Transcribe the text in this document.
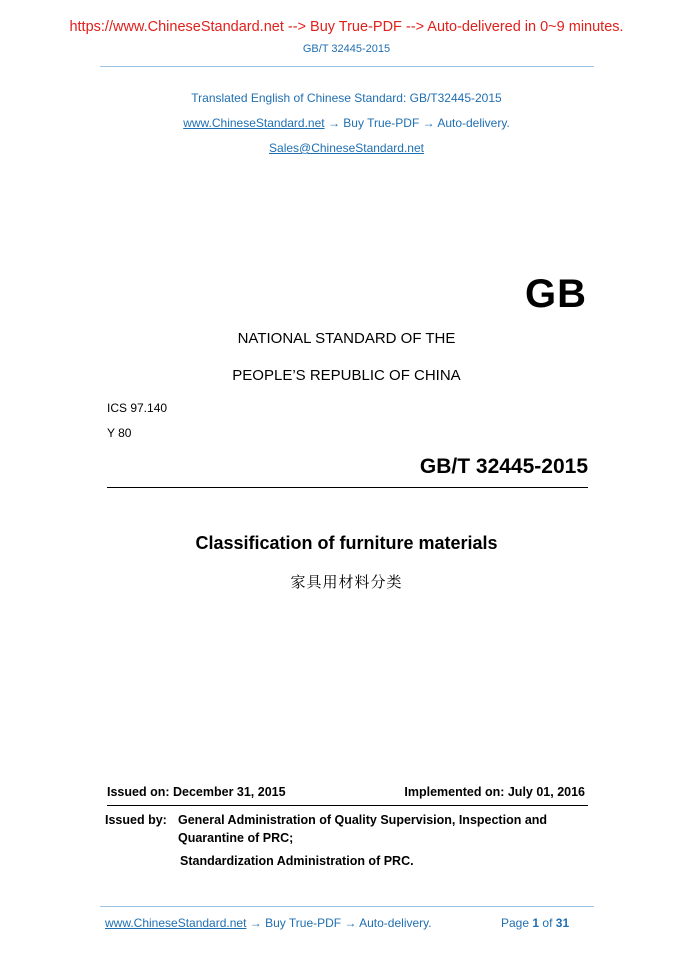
https://www.ChineseStandard.net --> Buy True-PDF --> Auto-delivered in 0~9 minutes.
GB/T 32445-2015
Translated English of Chinese Standard: GB/T32445-2015
www.ChineseStandard.net → Buy True-PDF → Auto-delivery.
Sales@ChineseStandard.net
GB
NATIONAL STANDARD OF THE
PEOPLE’S REPUBLIC OF CHINA
ICS 97.140
Y 80
GB/T 32445-2015
Classification of furniture materials
家具用材料分类
Issued on: December 31, 2015	Implemented on: July 01, 2016
Issued by: General Administration of Quality Supervision, Inspection and
Quarantine of PRC;
Standardization Administration of PRC.
www.ChineseStandard.net → Buy True-PDF → Auto-delivery.	Page 1 of 31
